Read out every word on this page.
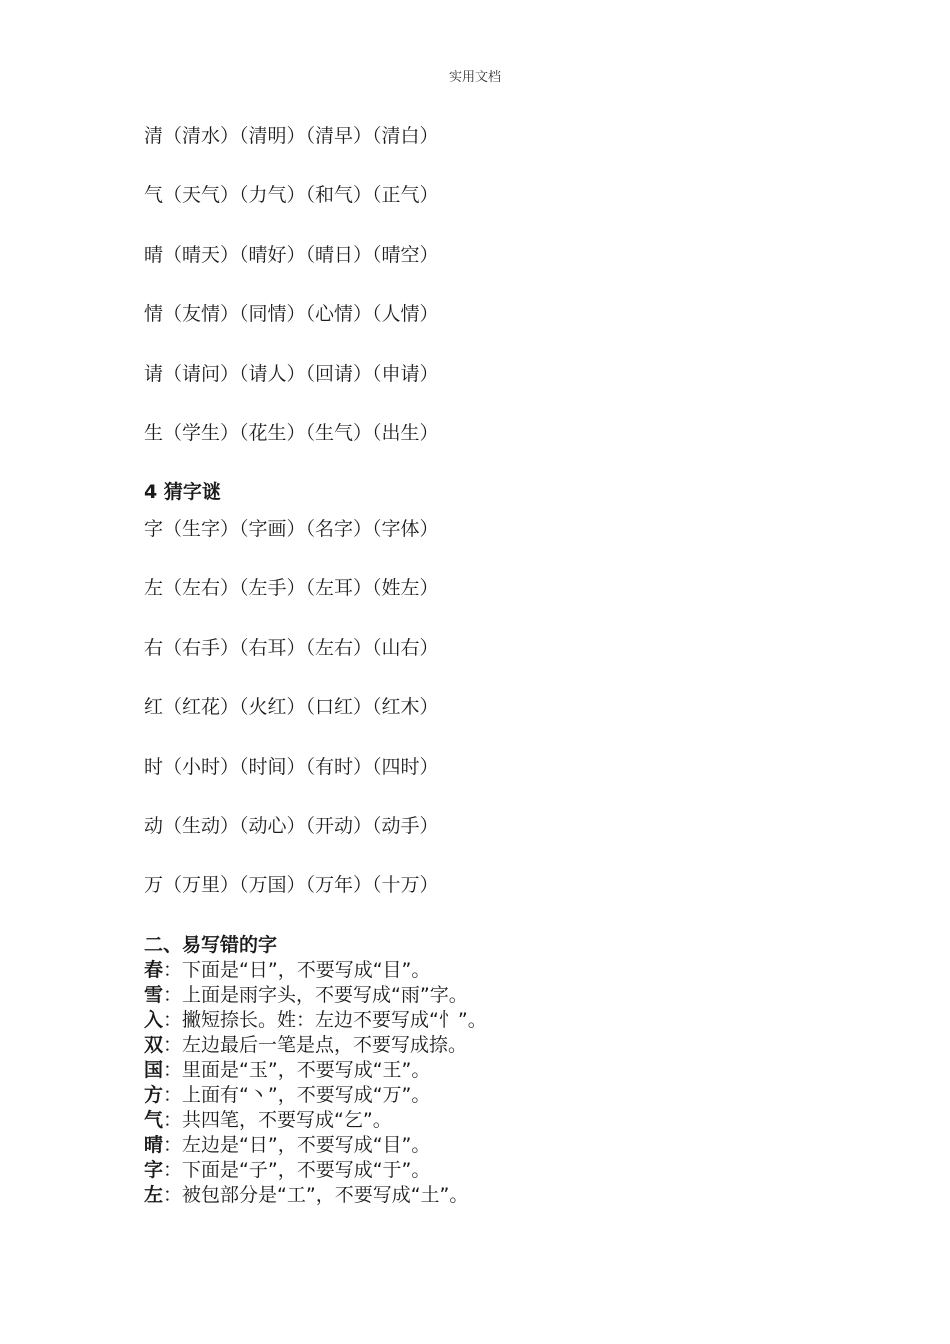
实用文档
清（清水）（清明）（清早）（清白）
气（天气）（力气）（和气）（正气）
晴（晴天）（晴好）（晴日）（晴空）
情（友情）（同情）（心情）（人情）
请（请问）（请人）（回请）（申请）
生（学生）（花生）（生气）（出生）
4 猜字谜
字（生字）（字画）（名字）（字体）
左（左右）（左手）（左耳）（姓左）
右（右手）（右耳）（左右）（山右）
红（红花）（火红）（口红）（红木）
时（小时）（时间）（有时）（四时）
动（生动）（动心）（开动）（动手）
万（万里）（万国）（万年）（十万）
二、易写错的字
春：下面是“日”，不要写成“目”。
雪：上面是雨字头，不要写成“雨”字。
入：撇短捺长。姓：左边不要写成“忄”。
双：左边最后一笔是点，不要写成捺。
国：里面是“玉”，不要写成“王”。
方：上面有“丶”，不要写成“万”。
气：共四笔，不要写成“乞”。
晴：左边是“日”，不要写成“目”。
字：下面是“子”，不要写成“于”。
左：被包部分是“工”，不要写成“土”。
